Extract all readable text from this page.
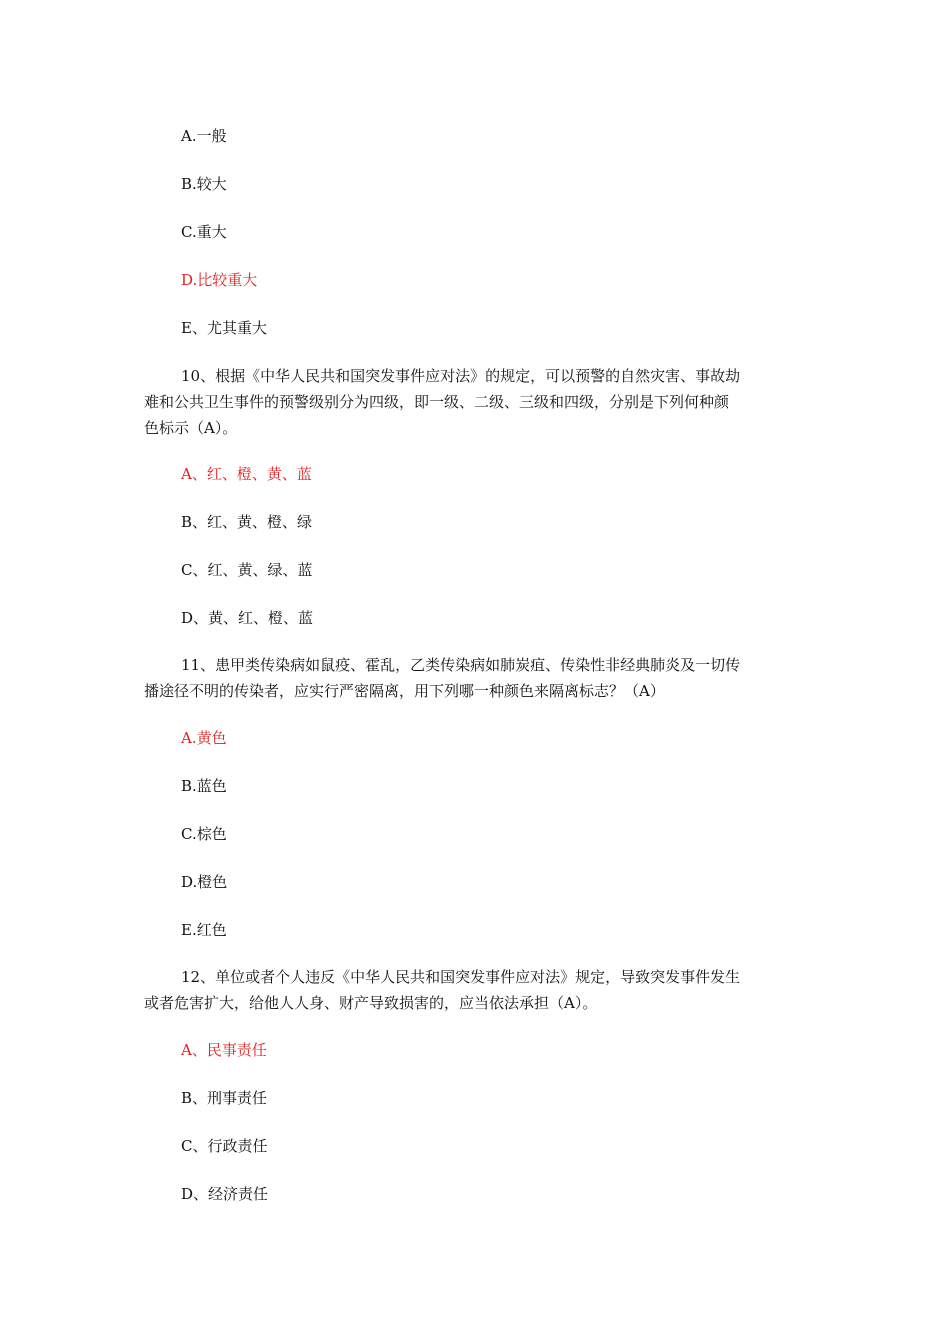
A.一般
B.较大
C.重大
D.比较重大
E、尤其重大
10、根据《中华人民共和国突发事件应对法》的规定，可以预警的自然灾害、事故劫
难和公共卫生事件的预警级别分为四级，即一级、二级、三级和四级，分别是下列何种颜
色标示（A）。
A、红、橙、黄、蓝
B、红、黄、橙、绿
C、红、黄、绿、蓝
D、黄、红、橙、蓝
11、患甲类传染病如鼠疫、霍乱，乙类传染病如肺炭疽、传染性非经典肺炎及一切传
播途径不明的传染者，应实行严密隔离，用下列哪一种颜色来隔离标志？（A）
A.黄色
B.蓝色
C.棕色
D.橙色
E.红色
12、单位或者个人违反《中华人民共和国突发事件应对法》规定，导致突发事件发生
或者危害扩大，给他人人身、财产导致损害的，应当依法承担（A）。
A、民事责任
B、刑事责任
C、行政责任
D、经济责任
